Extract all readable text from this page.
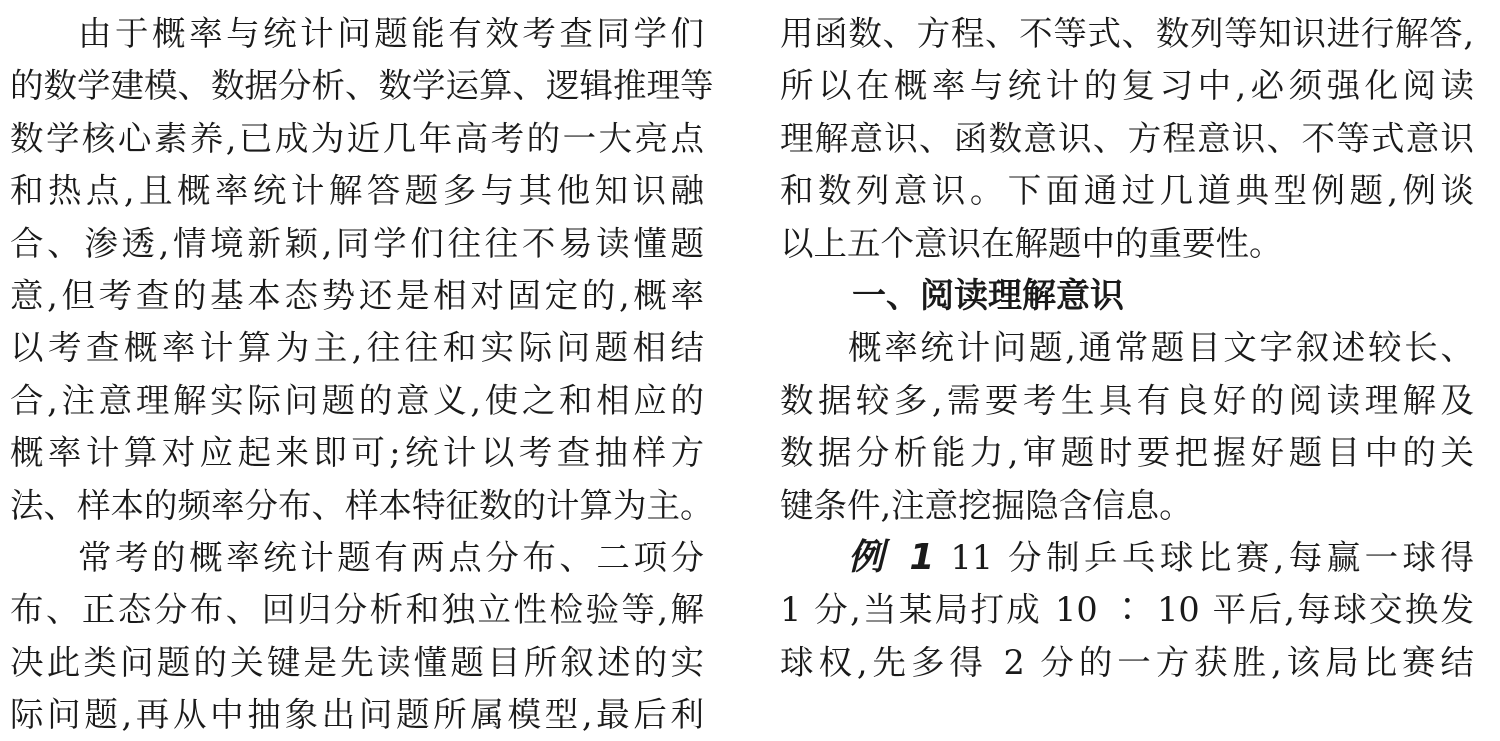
由于概率与统计问题能有效考查同学们
的数学建模、数据分析、数学运算、逻辑推理等
数学核心素养,已成为近几年高考的一大亮点
和热点,且概率统计解答题多与其他知识融
合、渗透,情境新颖,同学们往往不易读懂题
意,但考查的基本态势还是相对固定的,概率
以考查概率计算为主,往往和实际问题相结
合,注意理解实际问题的意义,使之和相应的
概率计算对应起来即可;统计以考查抽样方
法、样本的频率分布、样本特征数的计算为主。
常考的概率统计题有两点分布、二项分
布、正态分布、回归分析和独立性检验等,解
决此类问题的关键是先读懂题目所叙述的实
际问题,再从中抽象出问题所属模型,最后利
用函数、方程、不等式、数列等知识进行解答,
所以在概率与统计的复习中,必须强化阅读
理解意识、函数意识、方程意识、不等式意识
和数列意识。下面通过几道典型例题,例谈
以上五个意识在解题中的重要性。
一、阅读理解意识
概率统计问题,通常题目文字叙述较长、
数据较多,需要考生具有良好的阅读理解及
数据分析能力,审题时要把握好题目中的关
键条件,注意挖掘隐含信息。
例 1 11 分制乒乓球比赛,每赢一球得
1 分,当某局打成 10 ∶ 10 平后,每球交换发
球权,先多得 2 分的一方获胜,该局比赛结
